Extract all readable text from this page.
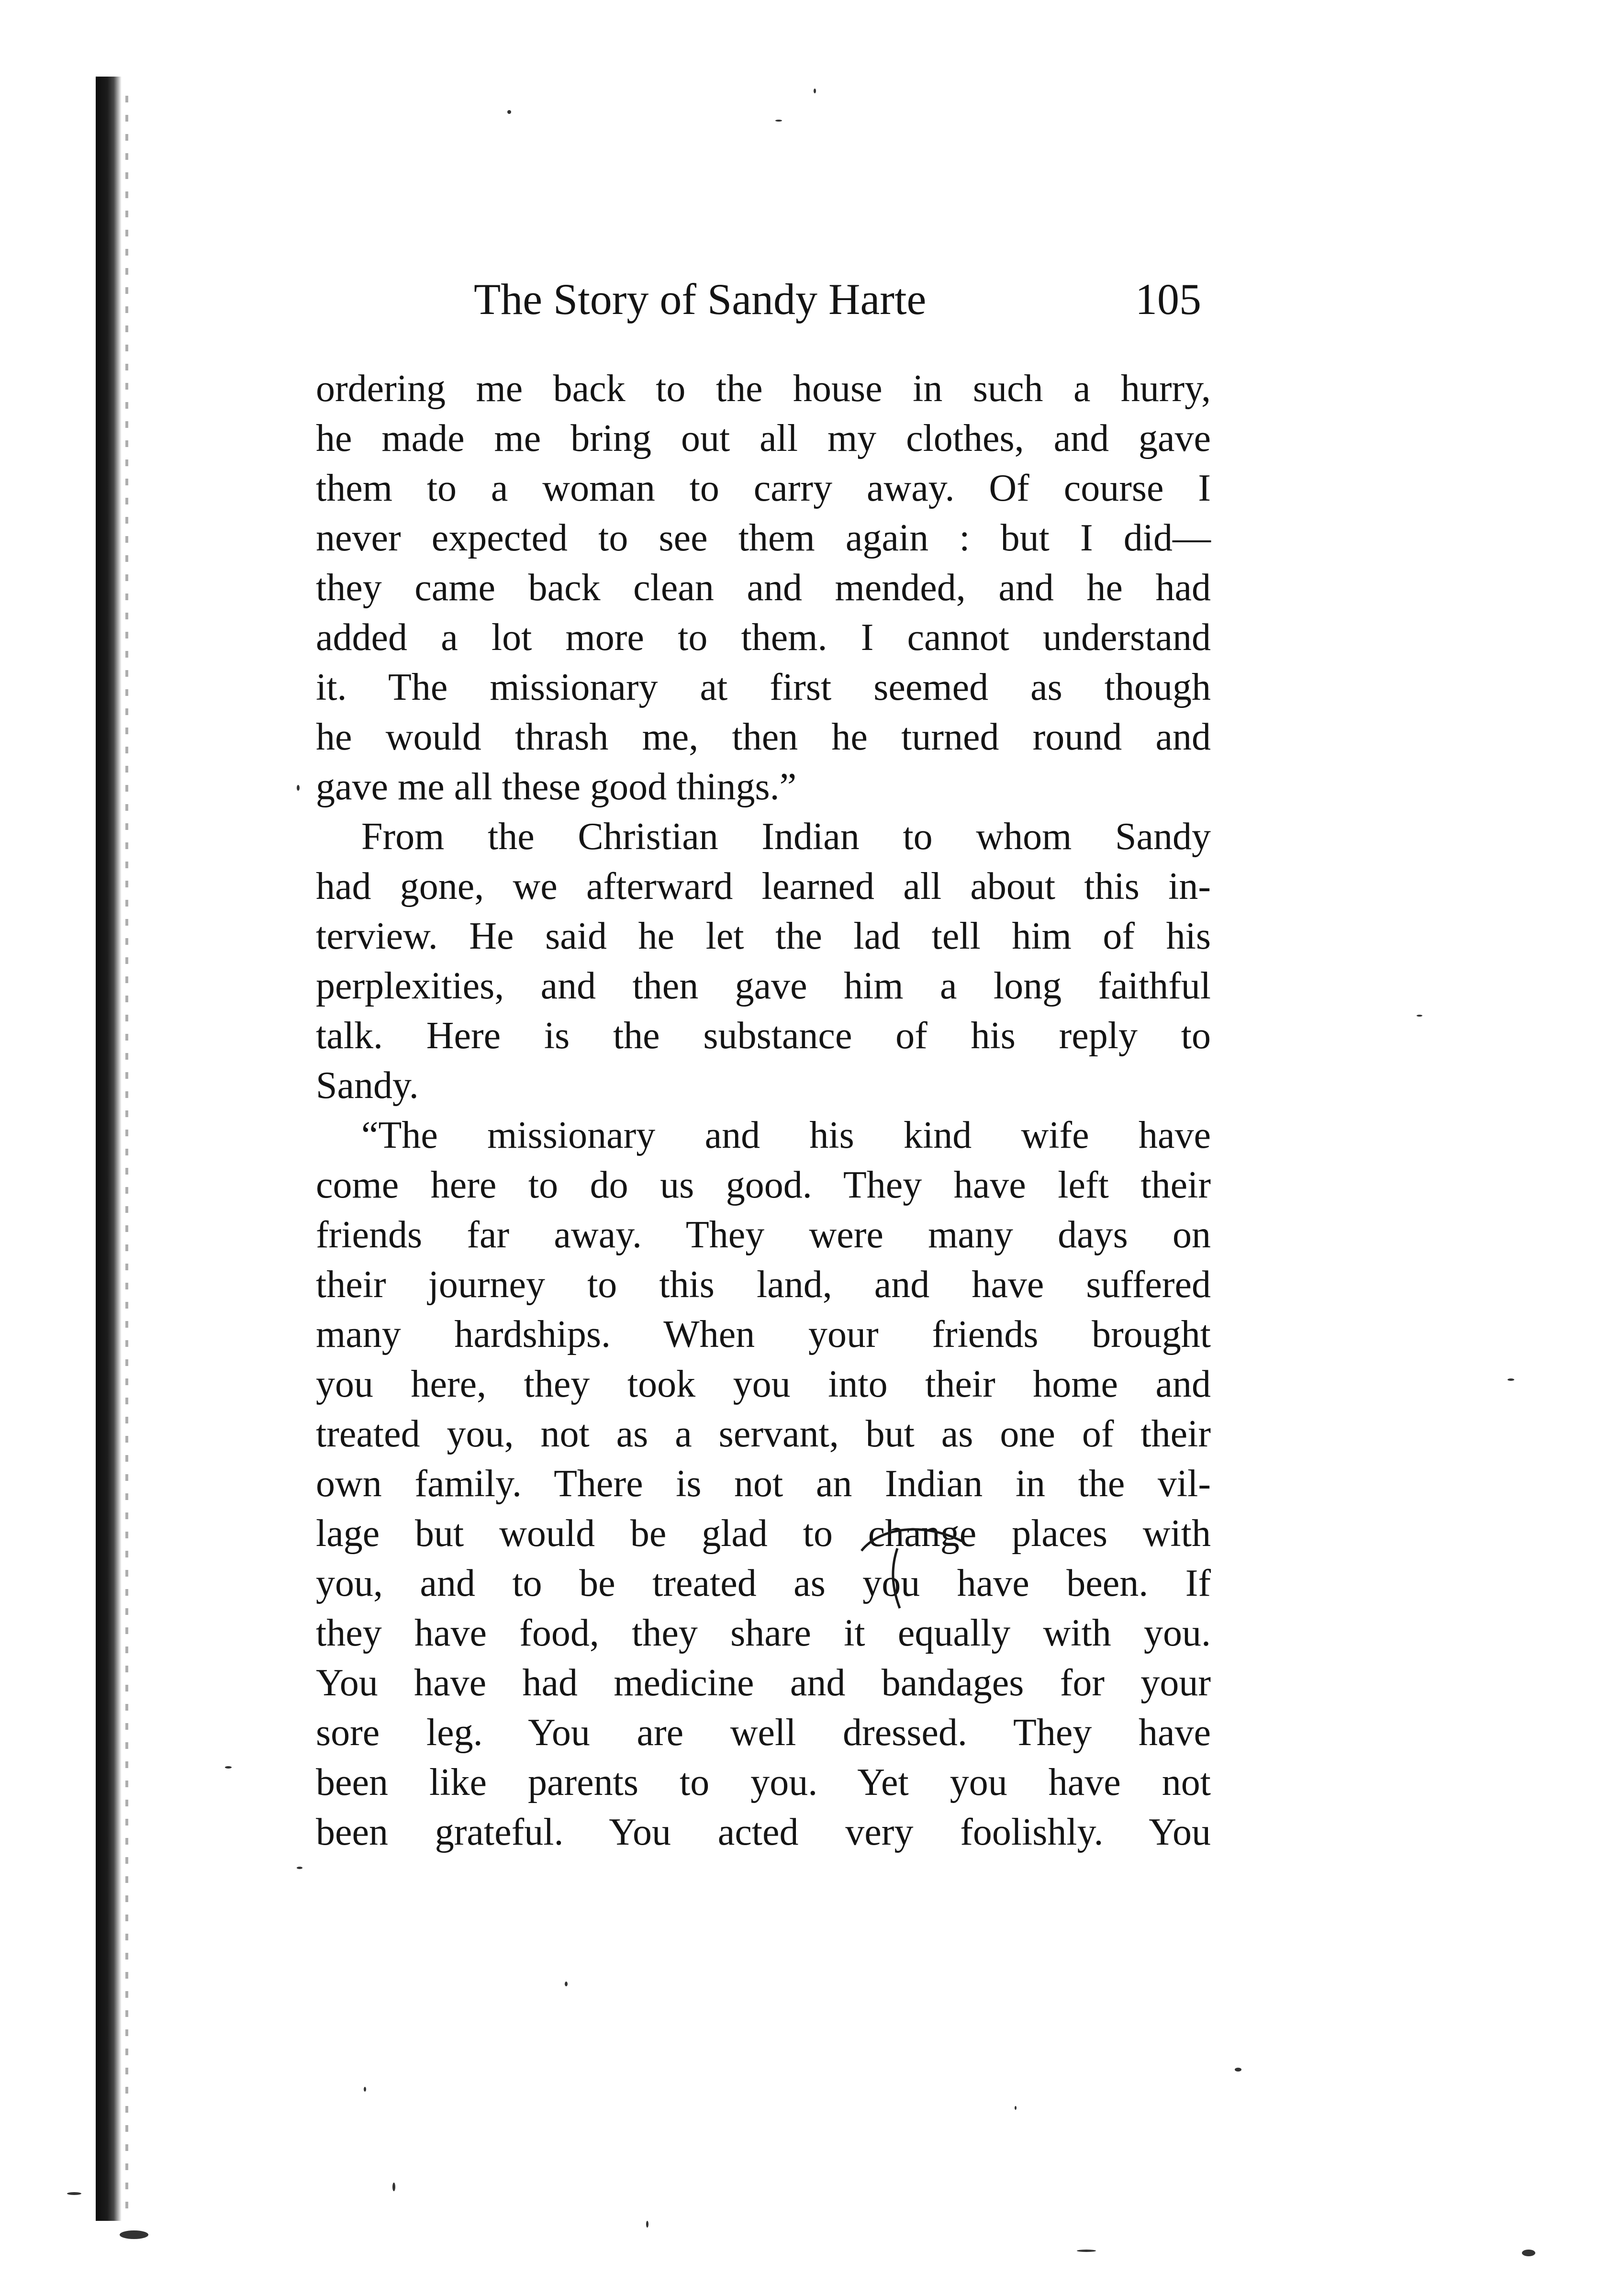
The Story of Sandy Harte	105
ordering me back to the house in such a hurry,
he made me bring out all my clothes, and gave
them to a woman to carry away. Of course I
never expected to see them again : but I did—
they came back clean and mended, and he had
added a lot more to them. I cannot understand
it. The missionary at first seemed as though
he would thrash me, then he turned round and
gave me all these good things.”
From the Christian Indian to whom Sandy
had gone, we afterward learned all about this in-
terview. He said he let the lad tell him of his
perplexities, and then gave him a long faithful
talk. Here is the substance of his reply to
Sandy.
“The missionary and his kind wife have
come here to do us good. They have left their
friends far away. They were many days on
their journey to this land, and have suffered
many hardships. When your friends brought
you here, they took you into their home and
treated you, not as a servant, but as one of their
own family. There is not an Indian in the vil-
lage but would be glad to change places with
you, and to be treated as you have been. If
they have food, they share it equally with you.
You have had medicine and bandages for your
sore leg. You are well dressed. They have
been like parents to you. Yet you have not
been grateful. You acted very foolishly. You
